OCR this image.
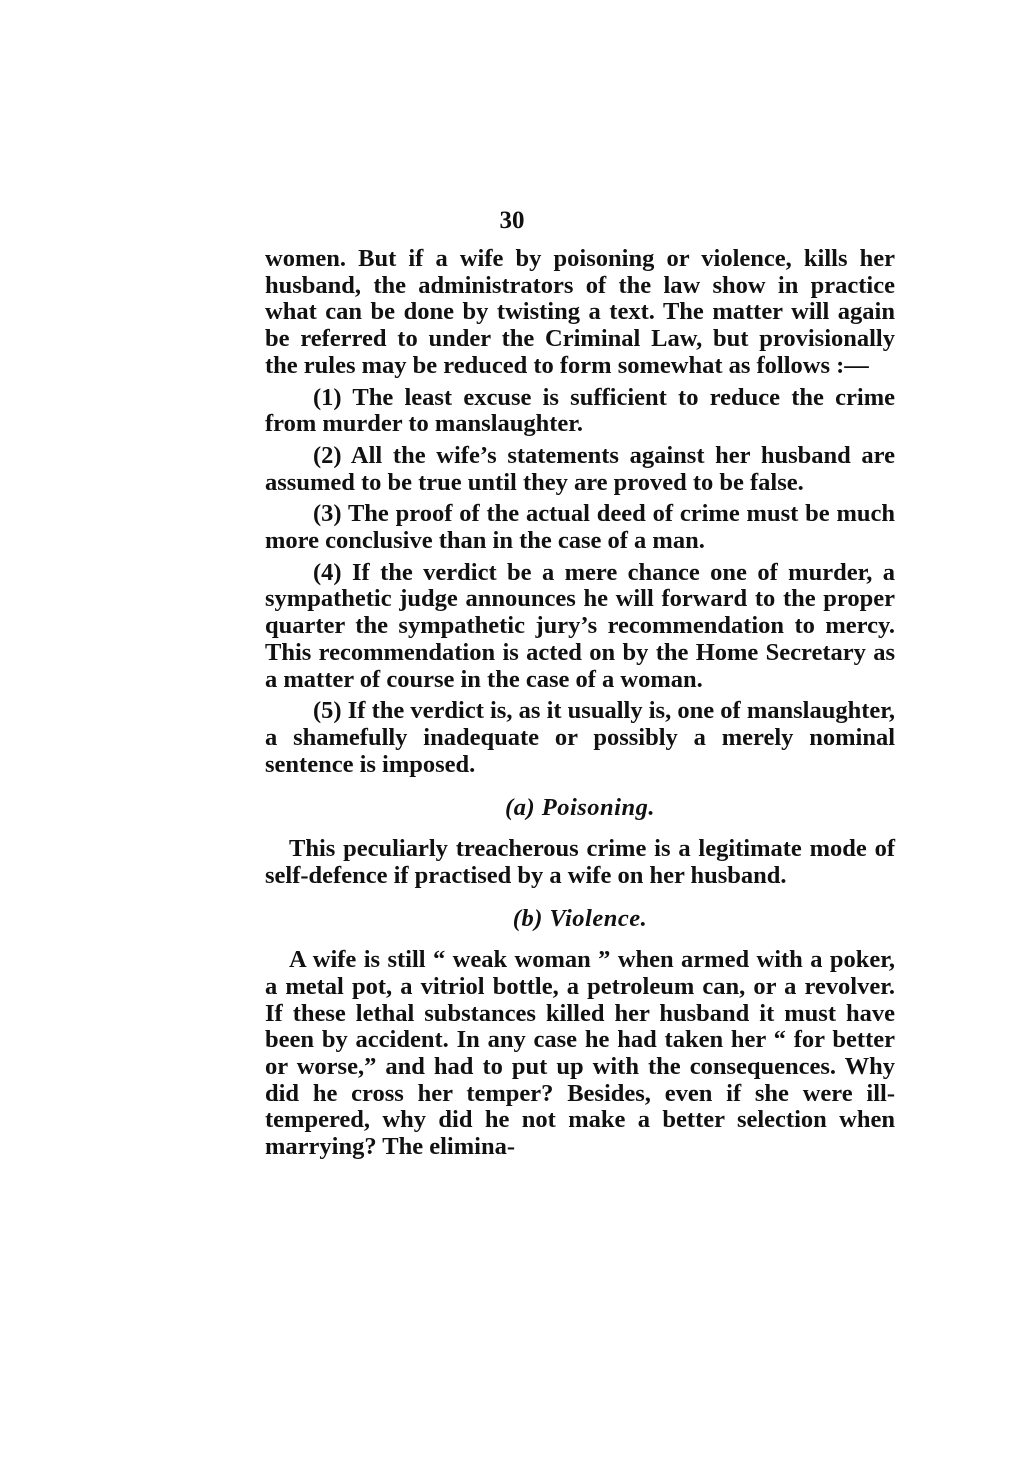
30

women. But if a wife by poisoning or violence, kills her husband, the administrators of the law show in practice what can be done by twisting a text. The matter will again be referred to under the Criminal Law, but provisionally the rules may be reduced to form somewhat as follows :—

(1) The least excuse is sufficient to reduce the crime from murder to manslaughter.

(2) All the wife’s statements against her husband are assumed to be true until they are proved to be false.

(3) The proof of the actual deed of crime must be much more conclusive than in the case of a man.

(4) If the verdict be a mere chance one of murder, a sympathetic judge announces he will forward to the proper quarter the sympathetic jury’s recommendation to mercy. This recommendation is acted on by the Home Secretary as a matter of course in the case of a woman.

(5) If the verdict is, as it usually is, one of manslaughter, a shamefully inadequate or possibly a merely nominal sentence is imposed.

(a) Poisoning.

This peculiarly treacherous crime is a legitimate mode of self-defence if practised by a wife on her husband.

(b) Violence.

A wife is still “ weak woman ” when armed with a poker, a metal pot, a vitriol bottle, a petroleum can, or a revolver. If these lethal substances killed her husband it must have been by accident. In any case he had taken her “ for better or worse,” and had to put up with the consequences. Why did he cross her temper? Besides, even if she were ill-tempered, why did he not make a better selection when marrying? The elimina-
